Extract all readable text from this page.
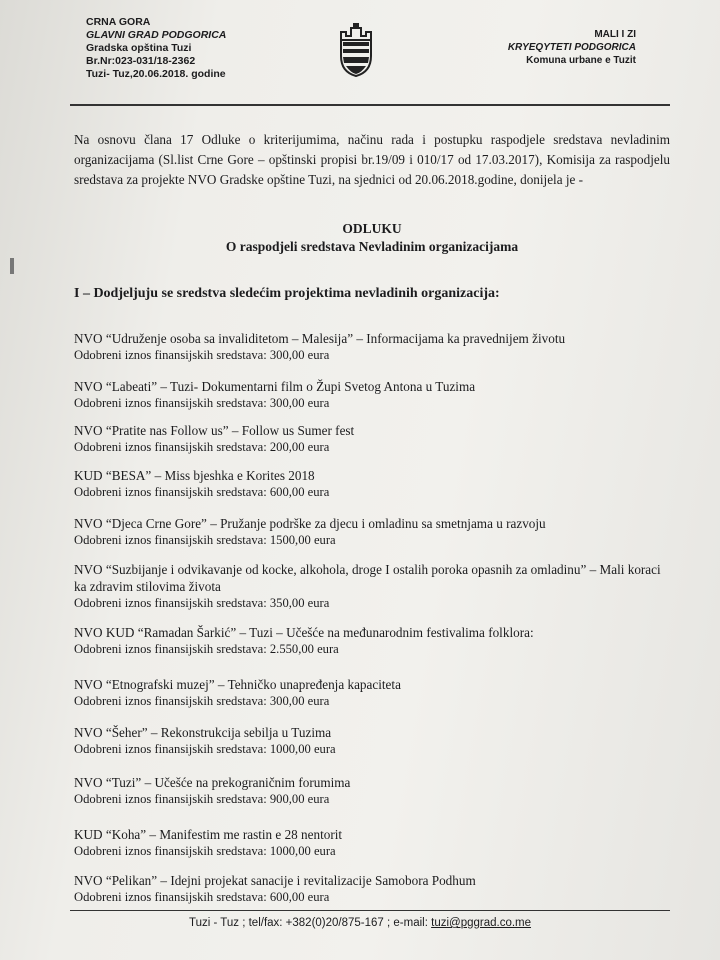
CRNA GORA
GLAVNI GRAD PODGORICA
Gradska opština Tuzi
Br.Nr:023-031/18-2362
Tuzi- Tuz,20.06.2018. godine
MALI I ZI
KRYEQYTETI PODGORICA
Komuna urbane e Tuzit
Na osnovu člana 17 Odluke o kriterijumima, načinu rada i postupku raspodjele sredstava nevladinim organizacijama (Sl.list Crne Gore – opštinski propisi br.19/09 i 010/17 od 17.03.2017), Komisija za raspodjelu sredstava za projekte NVO Gradske opštine Tuzi, na sjednici od 20.06.2018.godine, donijela je -
ODLUKU
O raspodjeli sredstava Nevladinim organizacijama
I – Dodjeljuju se sredstva sledećim projektima nevladinih organizacija:
NVO “Udruženje osoba sa invaliditetom – Malesija” – Informacijama ka pravednijem životu
Odobreni iznos finansijskih sredstava: 300,00 eura
NVO “Labeati” – Tuzi- Dokumentarni film o Župi Svetog Antona u Tuzima
Odobreni iznos finansijskih sredstava: 300,00 eura
NVO “Pratite nas Follow us” – Follow us Sumer fest
Odobreni iznos finansijskih sredstava: 200,00 eura
KUD “BESA” – Miss bjeshka e Korites 2018
Odobreni iznos finansijskih sredstava: 600,00 eura
NVO “Djeca Crne Gore” – Pružanje podrške za djecu i omladinu sa smetnjama u razvoju
Odobreni iznos finansijskih sredstava: 1500,00 eura
NVO “Suzbijanje i odvikavanje od kocke, alkohola, droge I ostalih poroka opasnih za omladinu” – Mali koraci ka zdravim stilovima života
Odobreni iznos finansijskih sredstava: 350,00 eura
NVO KUD “Ramadan Šarkić” – Tuzi – Učešće na međunarodnim festivalima folklora:
Odobreni iznos finansijskih sredstava: 2.550,00 eura
NVO “Etnografski muzej” – Tehničko unapređenja kapaciteta
Odobreni iznos finansijskih sredstava: 300,00 eura
NVO “Šeher” – Rekonstrukcija sebilja u Tuzima
Odobreni iznos finansijskih sredstava: 1000,00 eura
NVO “Tuzi” – Učešće na prekograničnim forumima
Odobreni iznos finansijskih sredstava: 900,00 eura
KUD “Koha” – Manifestim me rastin e 28 nentorit
Odobreni iznos finansijskih sredstava: 1000,00 eura
NVO “Pelikan” – Idejni projekat sanacije i revitalizacije Samobora Podhum
Odobreni iznos finansijskih sredstava: 600,00 eura
Tuzi - Tuz ; tel/fax: +382(0)20/875-167 ; e-mail: tuzi@pggrad.co.me
